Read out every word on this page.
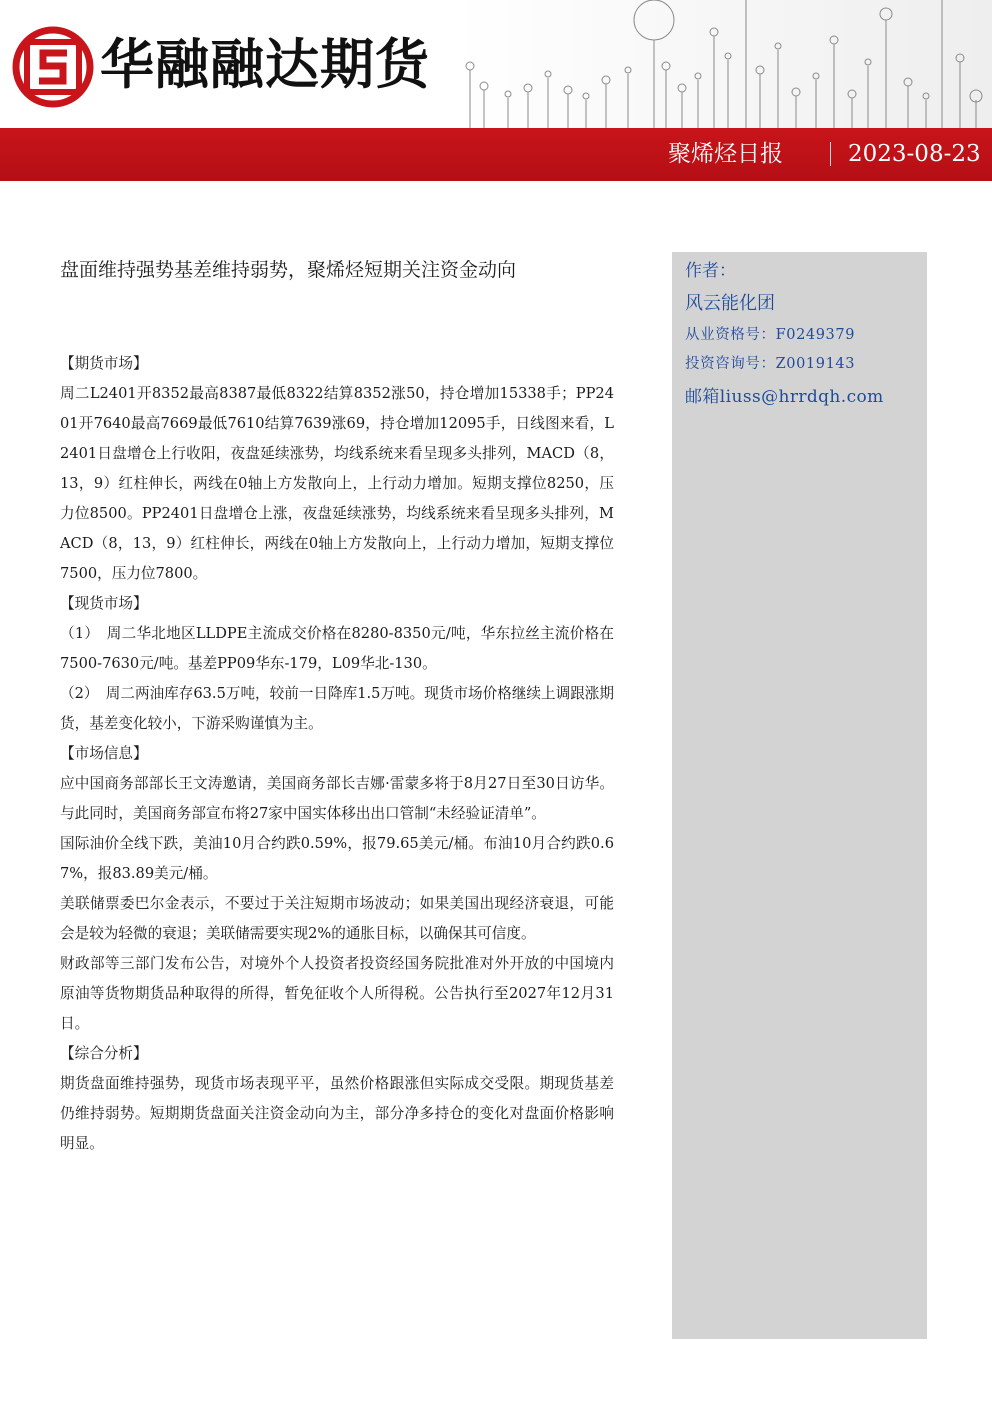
华融融达期货
聚烯烃日报	2023-08-23
盘面维持强势基差维持弱势，聚烯烃短期关注资金动向

【期货市场】

周二L2401开8352最高8387最低8322结算8352涨50，持仓增加15338手；PP2401开7640最高7669最低7610结算7639涨69，持仓增加12095手，日线图来看，L2401日盘增仓上行收阳，夜盘延续涨势，均线系统来看呈现多头排列，MACD（8，13，9）红柱伸长，两线在0轴上方发散向上，上行动力增加。短期支撑位8250，压力位8500。PP2401日盘增仓上涨，夜盘延续涨势，均线系统来看呈现多头排列，MACD（8，13，9）红柱伸长，两线在0轴上方发散向上，上行动力增加，短期支撑位7500，压力位7800。

【现货市场】

（1）　周二华北地区LLDPE主流成交价格在8280-8350元/吨，华东拉丝主流价格在7500-7630元/吨。基差PP09华东-179，L09华北-130。

（2）　周二两油库存63.5万吨，较前一日降库1.5万吨。现货市场价格继续上调跟涨期货，基差变化较小，下游采购谨慎为主。

【市场信息】

应中国商务部部长王文涛邀请，美国商务部长吉娜·雷蒙多将于8月27日至30日访华。与此同时，美国商务部宣布将27家中国实体移出出口管制“未经验证清单”。

国际油价全线下跌，美油10月合约跌0.59%，报79.65美元/桶。布油10月合约跌0.67%，报83.89美元/桶。

美联储票委巴尔金表示，不要过于关注短期市场波动；如果美国出现经济衰退，可能会是较为轻微的衰退；美联储需要实现2%的通胀目标，以确保其可信度。

财政部等三部门发布公告，对境外个人投资者投资经国务院批准对外开放的中国境内原油等货物期货品种取得的所得，暂免征收个人所得税。公告执行至2027年12月31日。

【综合分析】

期货盘面维持强势，现货市场表现平平，虽然价格跟涨但实际成交受限。期现货基差仍维持弱势。短期期货盘面关注资金动向为主，部分净多持仓的变化对盘面价格影响明显。

作者：
风云能化团
从业资格号：F0249379
投资咨询号：Z0019143
邮箱liuss@hrrdqh.com
